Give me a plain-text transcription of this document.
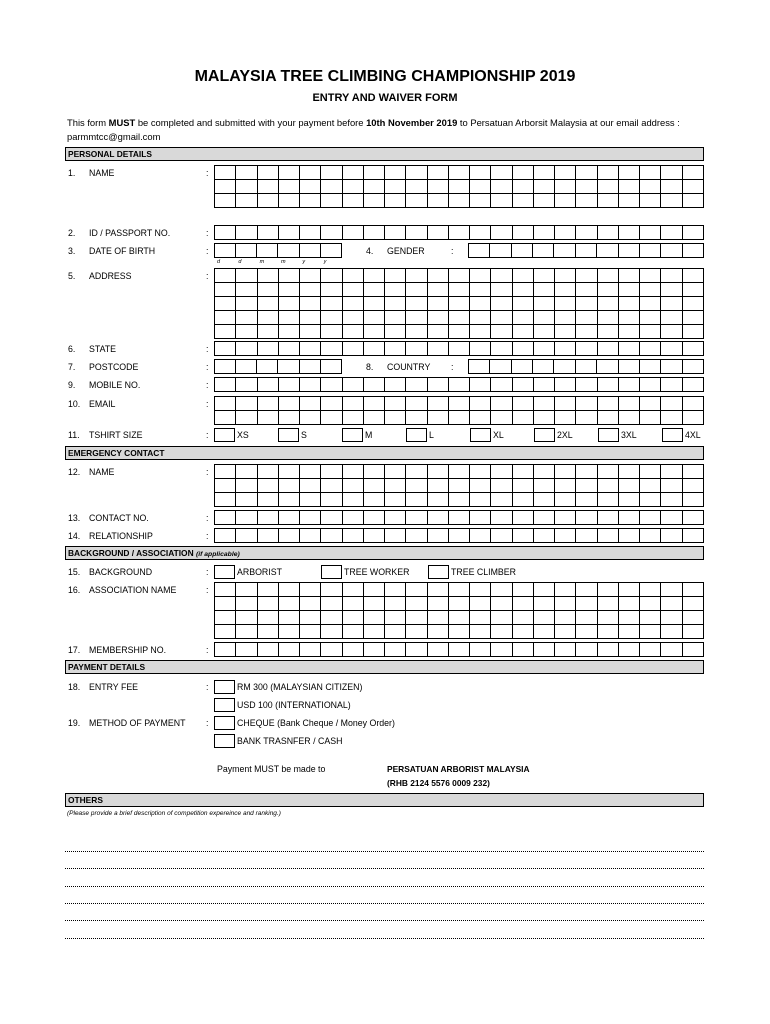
MALAYSIA TREE CLIMBING CHAMPIONSHIP 2019
ENTRY AND WAIVER FORM
This form MUST be completed and submitted with your payment before 10th November 2019 to Persatuan Arborsit Malaysia at our email address : parmmtcc@gmail.com
PERSONAL DETAILS
1. NAME	:
2. ID / PASSPORT NO.	:
3. DATE OF BIRTH	:
d	d	m	m	y	y
4. GENDER	:
5. ADDRESS	:
6. STATE	:
7. POSTCODE	:	8. COUNTRY :
9. MOBILE NO.	:
10. EMAIL	:
11. TSHIRT SIZE	:	XS	S	M	L	XL	2XL	3XL	4XL
EMERGENCY CONTACT
12. NAME	:
13. CONTACT NO.	:
14. RELATIONSHIP	:
BACKGROUND / ASSOCIATION (if applicable)
15. BACKGROUND	:	ARBORIST	TREE WORKER	TREE CLIMBER
16. ASSOCIATION NAME	:
17. MEMBERSHIP NO.	:
PAYMENT DETAILS
18. ENTRY FEE	:	RM 300 (MALAYSIAN CITIZEN)
USD 100 (INTERNATIONAL)
19. METHOD OF PAYMENT :	CHEQUE (Bank Cheque / Money Order)
BANK TRASNFER / CASH
Payment MUST be made to	PERSATUAN ARBORIST MALAYSIA
(RHB 2124 5576 0009 232)
OTHERS
(Please provide a brief description of competition expereince and ranking.)
